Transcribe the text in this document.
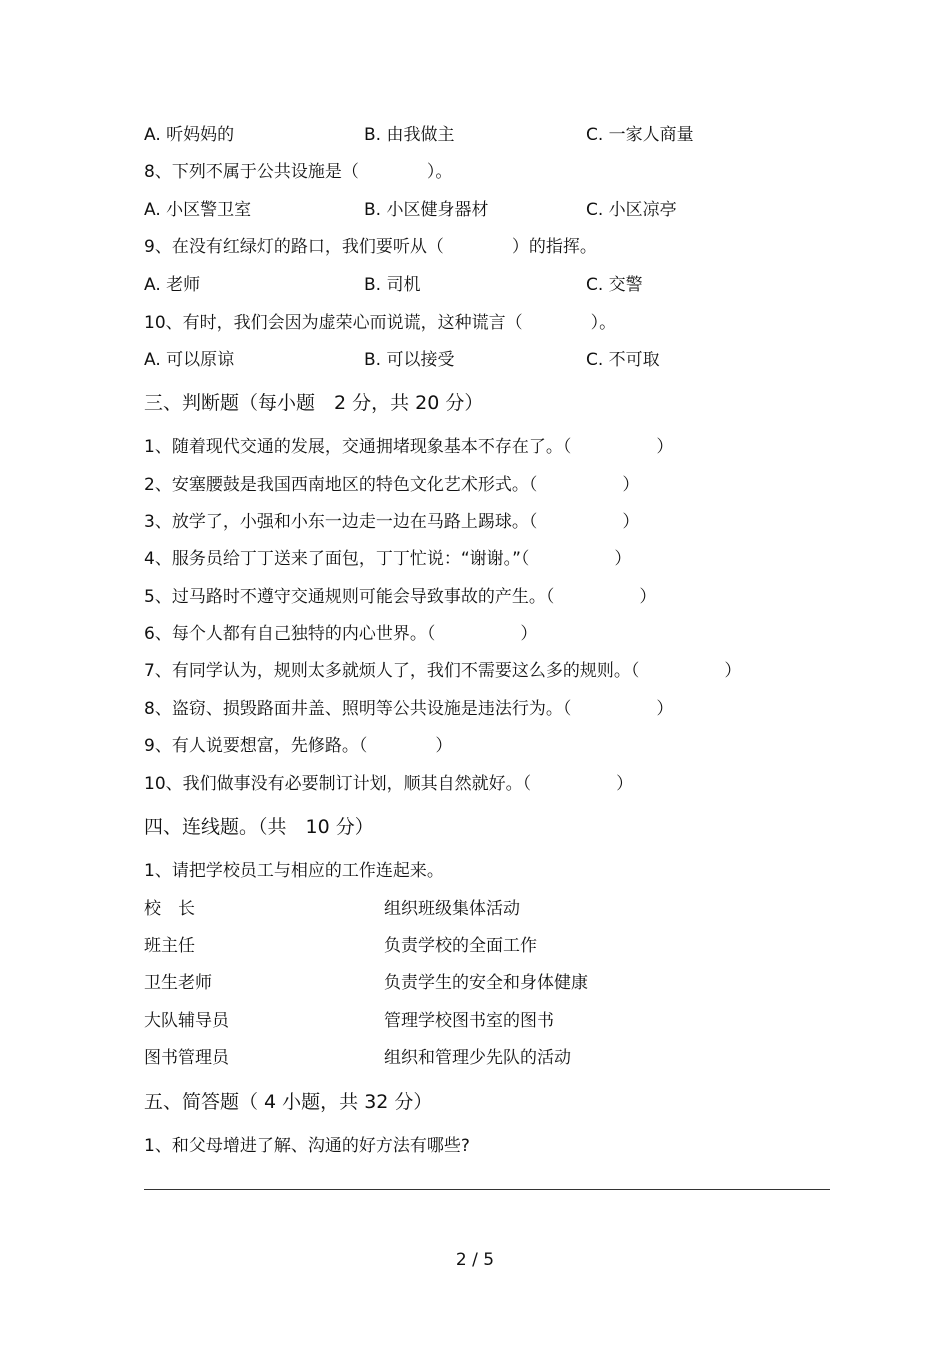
A. 听妈妈的	B. 由我做主	C. 一家人商量
8、下列不属于公共设施是（　　　　）。
A. 小区警卫室	B. 小区健身器材	C. 小区凉亭
9、在没有红绿灯的路口，我们要听从（　　　　）的指挥。
A. 老师	B. 司机	C. 交警
10、有时，我们会因为虚荣心而说谎，这种谎言（　　　　）。
A. 可以原谅	B. 可以接受	C. 不可取
三、判断题（每小题　2 分，共 20 分）
1、随着现代交通的发展，交通拥堵现象基本不存在了。（　　　　　）
2、安塞腰鼓是我国西南地区的特色文化艺术形式。（　　　　　）
3、放学了，小强和小东一边走一边在马路上踢球。（　　　　　）
4、服务员给丁丁送来了面包，丁丁忙说：“谢谢。”（　　　　　）
5、过马路时不遵守交通规则可能会导致事故的产生。（　　　　　）
6、每个人都有自己独特的内心世界。（　　　　　）
7、有同学认为，规则太多就烦人了，我们不需要这么多的规则。（　　　　　）
8、盗窃、损毁路面井盖、照明等公共设施是违法行为。（　　　　　）
9、有人说要想富，先修路。（　　　　）
10、我们做事没有必要制订计划，顺其自然就好。（　　　　　）
四、连线题。（共　10 分）
1、请把学校员工与相应的工作连起来。
校　长	组织班级集体活动
班主任	负责学校的全面工作
卫生老师	负责学生的安全和身体健康
大队辅导员	管理学校图书室的图书
图书管理员	组织和管理少先队的活动
五、简答题（ 4 小题，共 32 分）
1、和父母增进了解、沟通的好方法有哪些?
2 / 5
